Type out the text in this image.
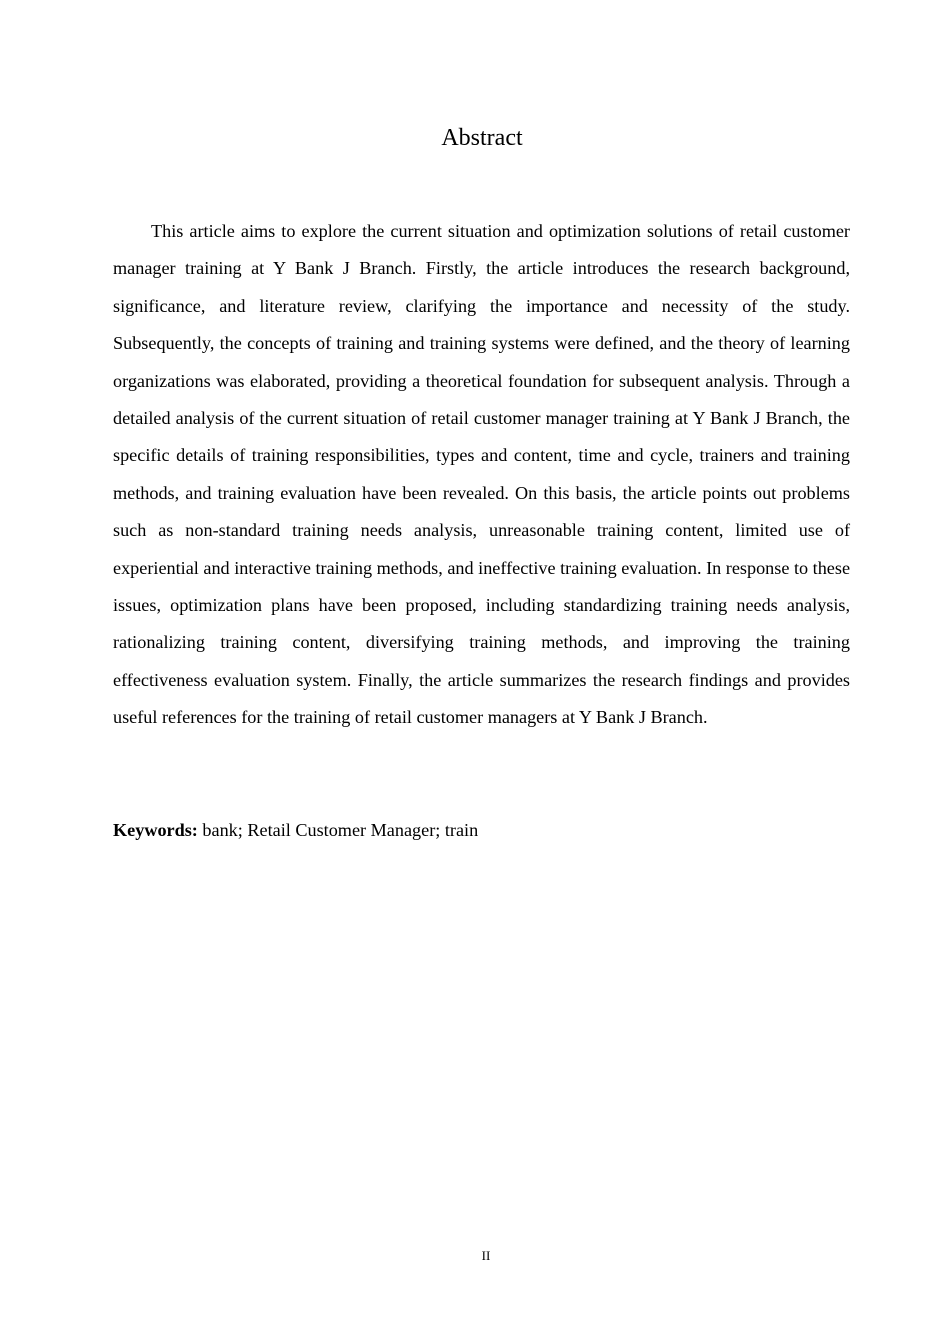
Abstract

This article aims to explore the current situation and optimization solutions of retail customer manager training at Y Bank J Branch. Firstly, the article introduces the research background, significance, and literature review, clarifying the importance and necessity of the study. Subsequently, the concepts of training and training systems were defined, and the theory of learning organizations was elaborated, providing a theoretical foundation for subsequent analysis. Through a detailed analysis of the current situation of retail customer manager training at Y Bank J Branch, the specific details of training responsibilities, types and content, time and cycle, trainers and training methods, and training evaluation have been revealed. On this basis, the article points out problems such as non-standard training needs analysis, unreasonable training content, limited use of experiential and interactive training methods, and ineffective training evaluation. In response to these issues, optimization plans have been proposed, including standardizing training needs analysis, rationalizing training content, diversifying training methods, and improving the training effectiveness evaluation system. Finally, the article summarizes the research findings and provides useful references for the training of retail customer managers at Y Bank J Branch.

Keywords: bank; Retail Customer Manager; train

II
